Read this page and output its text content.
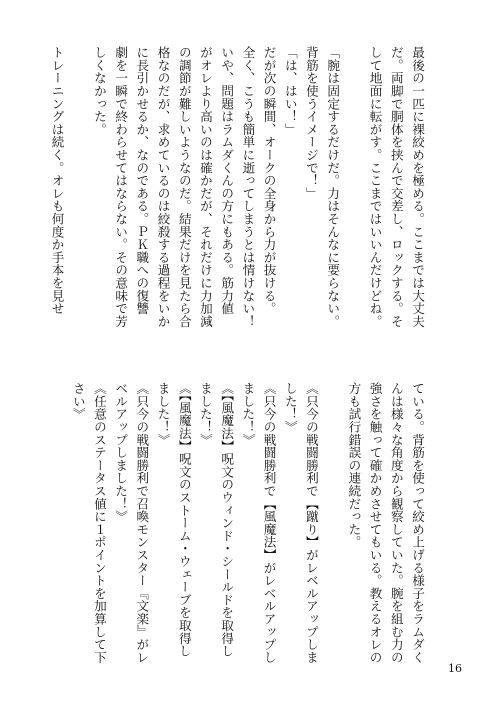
最後の一匹に裸絞めを極める。ここまでは大丈夫
だ。両脚で胴体を挟んで交差し、ロックする。そ
して地面に転がす。ここまではいいんだけどね。

「腕は固定するだけだ。力はそんなに要らない。
背筋を使うイメージで！」
「は、はい！」
だが次の瞬間、オークの全身から力が抜ける。
全く、こうも簡単に逝ってしまうとは情けない！
いや、問題はラムダくんの方にもある。筋力値
がオレより高いのは確かだが、それだけに力加減
の調節が難しいようなのだ。結果だけを見たら合
格なのだが、求めているのは絞殺する過程をいか
に長引かせるか、なのである。ＰＫ職への復讐
劇を一瞬で終わらせてはならない。その意味で芳
しくなかった。

トレーニングは続く。オレも何度か手本を見せ
ている。背筋を使って絞め上げる様子をラムダく
んは様々な角度から観察していた。腕を組む力の
強さを触って確かめさせてもいる。教えるオレの
方も試行錯誤の連続だった。

《只今の戦闘勝利で【蹴り】がレベルアップしま
した！》
《只今の戦闘勝利で【風魔法】がレベルアップし
ました！》
《【風魔法】呪文のウィンド・シールドを取得し
ました！》
《【風魔法】呪文のストーム・ウェーブを取得し
ました！》
《只今の戦闘勝利で召喚モンスター『文楽』がレ
ベルアップしました！》
《任意のステータス値に１ポイントを加算して下
さい》
16
